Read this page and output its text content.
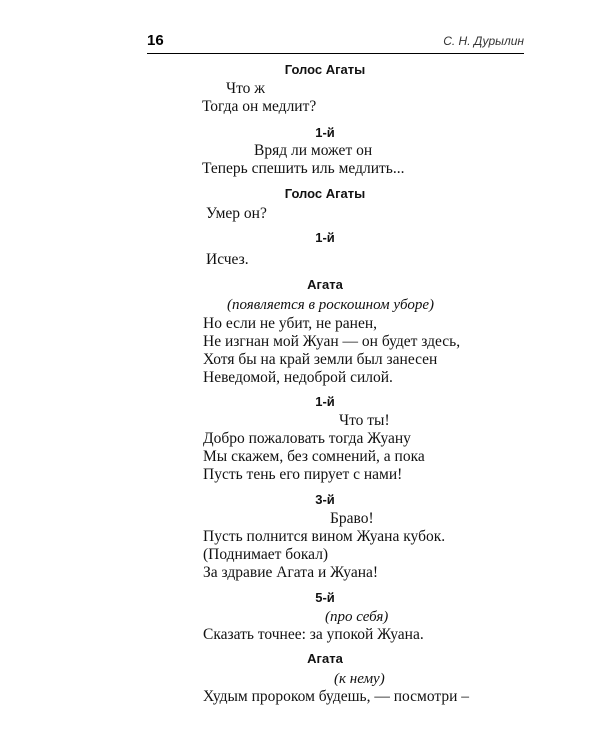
16	С. Н. Дурылин
Голос Агаты
Что ж
Тогда он медлит?
1-й
Вряд ли может он
Теперь спешить иль медлить...
Голос Агаты
Умер он?
1-й
Исчез.
Агата
(появляется в роскошном уборе)
Но если не убит, не ранен,
Не изгнан мой Жуан — он будет здесь,
Хотя бы на край земли был занесен
Неведомой, недоброй силой.
1-й
Что ты!
Добро пожаловать тогда Жуану
Мы скажем, без сомнений, а пока
Пусть тень его пирует с нами!
3-й
Браво!
Пусть полнится вином Жуана кубок.
(Поднимает бокал)
За здравие Агата и Жуана!
5-й
(про себя)
Сказать точнее: за упокой Жуана.
Агата
(к нему)
Худым пророком будешь, — посмотри –
